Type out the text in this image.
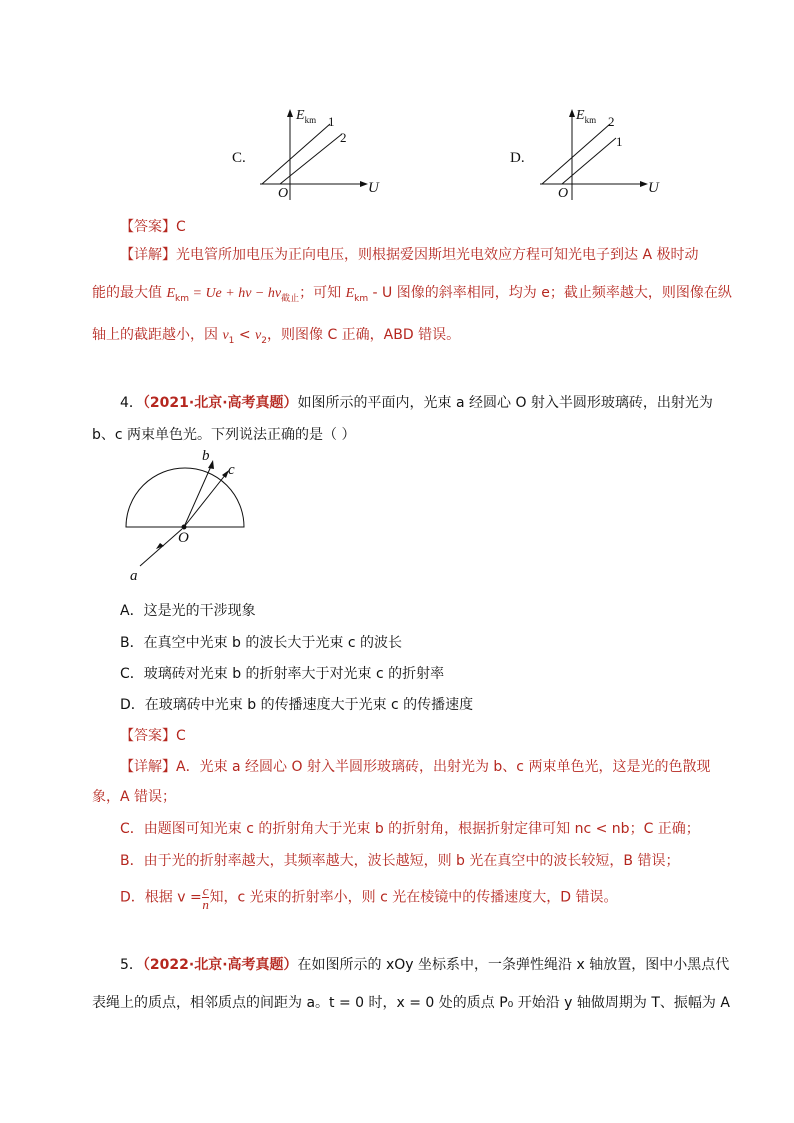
C.
$E_{km}$
U
O
1
2
D.
$E_{km}$
U
O
2
1
【答案】C
【详解】光电管所加电压为正向电压，则根据爱因斯坦光电效应方程可知光电子到达 A 极时动
能的最大值 $E_{km} = Ue + h\nu - h\nu_{截止}$；可知 $E_{km}$ - U 图像的斜率相同，均为 e；截止频率越大，则图像在纵
轴上的截距越小，因 $\nu_1 < \nu_2$，则图像 C 正确，ABD 错误。
4．（2021·北京·高考真题）如图所示的平面内，光束 a 经圆心 O 射入半圆形玻璃砖，出射光为
b、c 两束单色光。下列说法正确的是（ ）
b
c
O
a
A．这是光的干涉现象
B．在真空中光束 b 的波长大于光束 c 的波长
C．玻璃砖对光束 b 的折射率大于对光束 c 的折射率
D．在玻璃砖中光束 b 的传播速度大于光束 c 的传播速度
【答案】C
【详解】A．光束 a 经圆心 O 射入半圆形玻璃砖，出射光为 b、c 两束单色光，这是光的色散现
象，A 错误；
C．由题图可知光束 c 的折射角大于光束 b 的折射角，根据折射定律可知 nc < nb；C 正确；
B．由于光的折射率越大，其频率越大，波长越短，则 b 光在真空中的波长较短，B 错误；
D．根据 $v = \frac{c}{n}$ 知，c 光束的折射率小，则 c 光在棱镜中的传播速度大，D 错误。
5．（2022·北京·高考真题）在如图所示的 xOy 坐标系中，一条弹性绳沿 x 轴放置，图中小黑点代
表绳上的质点，相邻质点的间距为 a。t = 0 时，x = 0 处的质点 P₀ 开始沿 y 轴做周期为 T、振幅为 A
